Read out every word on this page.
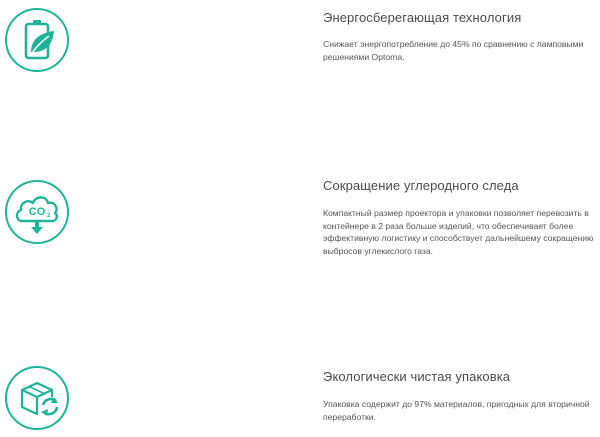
Энергосберегающая технология

Снижает энергопотребление до 45% по сравнению с ламповыми решениями Optoma.

CO 2
Сокращение углеродного следа

Компактный размер проектора и упаковки позволяет перевозить в контейнере в 2 раза больше изделий, что обеспечивает более эффективную логистику и способствует дальнейшему сокращению выбросов углекислого газа.

Экологически чистая упаковка

Упаковка содержит до 97% материалов, пригодных для вторичной переработки.
